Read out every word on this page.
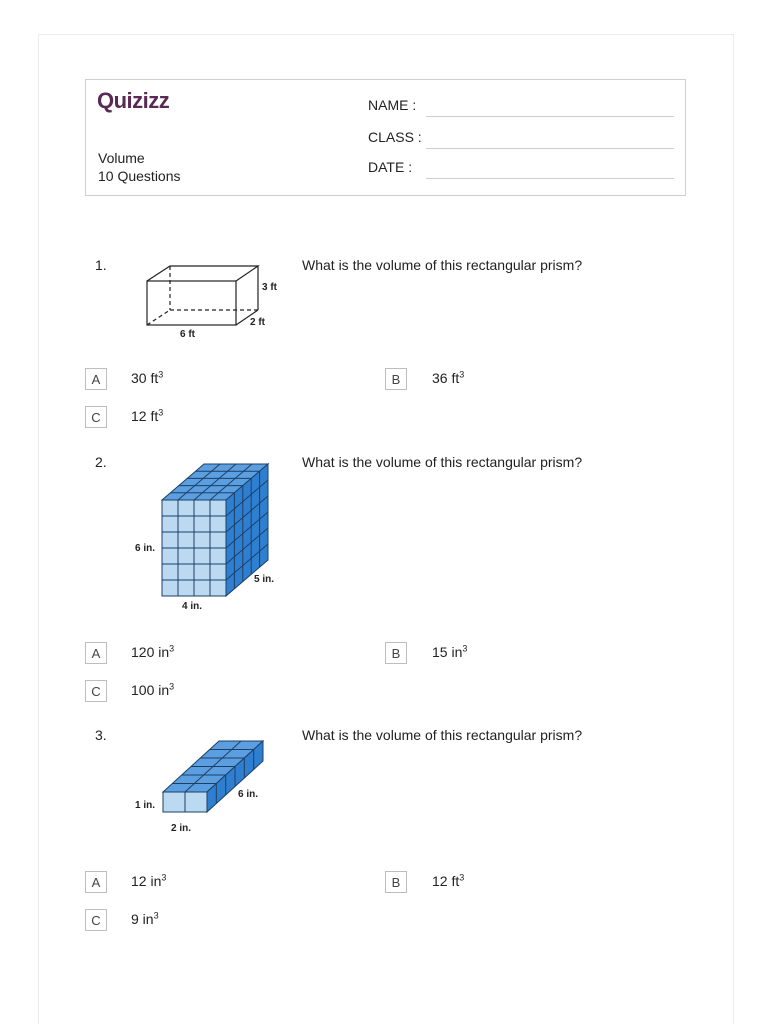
Quizizz
Volume
10 Questions
NAME :
CLASS :
DATE :
1.	What is the volume of this rectangular prism?
3 ft
2 ft
6 ft
A	30 $ft^3$	B	36 $ft^3$
C	12 $ft^3$
2.	What is the volume of this rectangular prism?
6 in.
5 in.
4 in.
A	120 $in^3$	B	15 $in^3$
C	100 $in^3$
3.	What is the volume of this rectangular prism?
1 in.
6 in.
2 in.
A	12 $in^3$	B	12 $ft^3$
C	9 $in^3$
